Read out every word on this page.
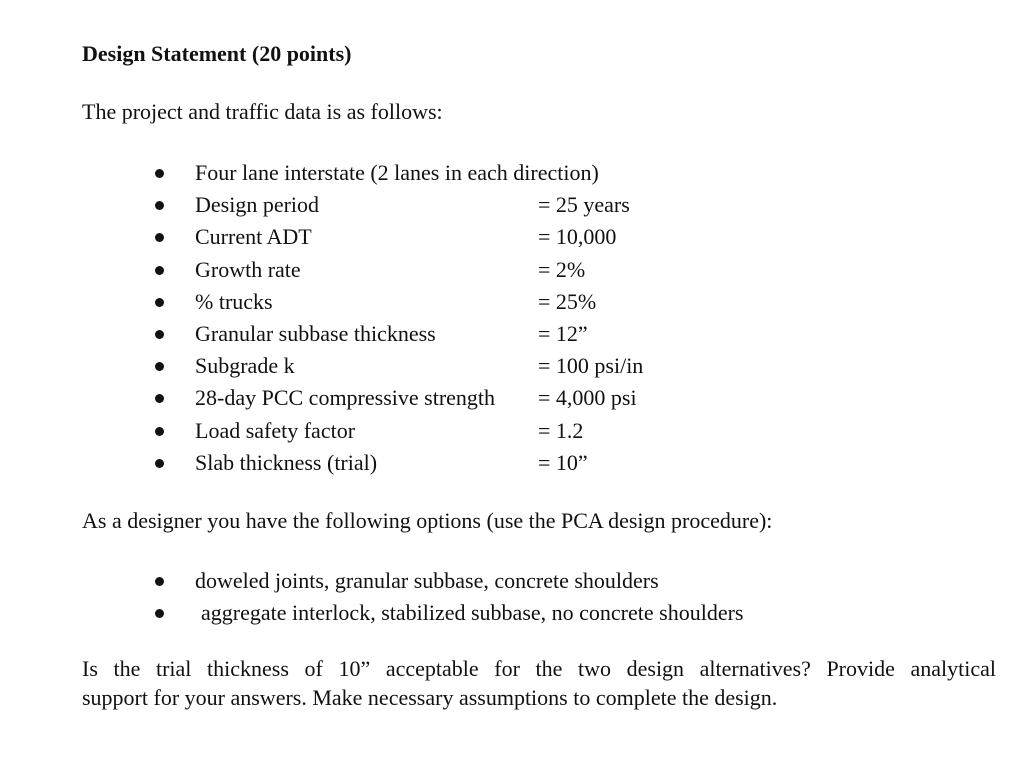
Design Statement (20 points)
The project and traffic data is as follows:
Four lane interstate (2 lanes in each direction)
Design period	= 25 years
Current ADT	= 10,000
Growth rate	= 2%
% trucks	= 25%
Granular subbase thickness	= 12”
Subgrade k	= 100 psi/in
28-day PCC compressive strength = 4,000 psi
Load safety factor	= 1.2
Slab thickness (trial)	= 10”
As a designer you have the following options (use the PCA design procedure):
doweled joints, granular subbase, concrete shoulders
aggregate interlock, stabilized subbase, no concrete shoulders
Is the trial thickness of 10” acceptable for the two design alternatives? Provide analytical
support for your answers. Make necessary assumptions to complete the design.
